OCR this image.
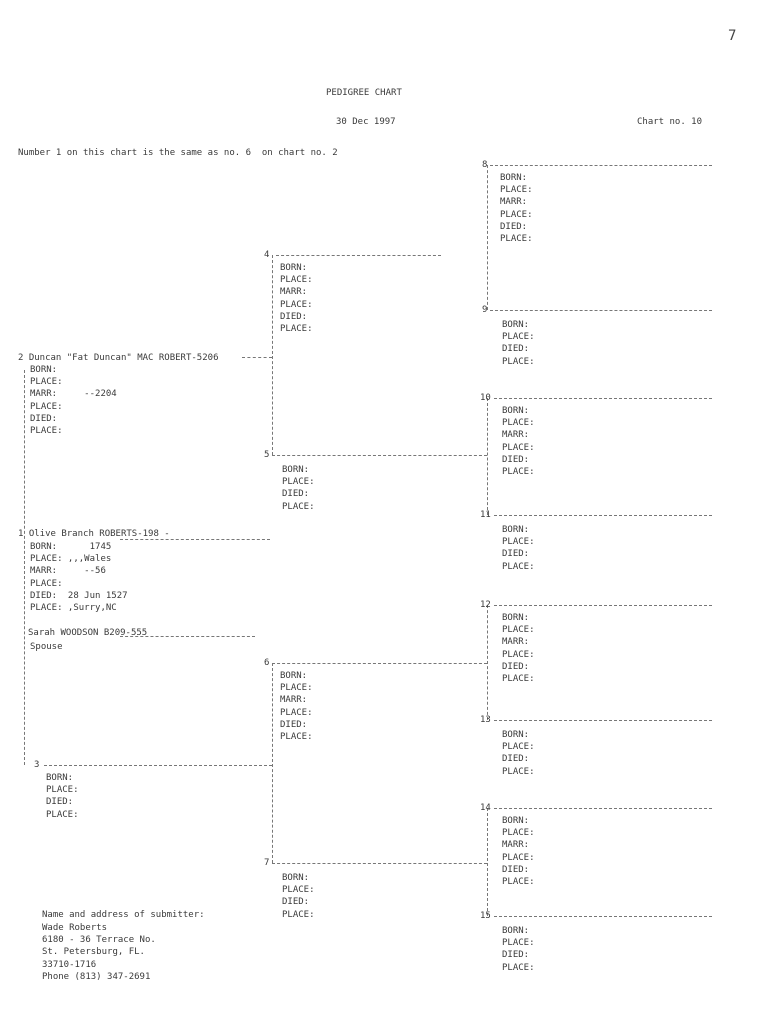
7
PEDIGREE CHART
30 Dec 1997	Chart no. 10
Number 1 on this chart is the same as no. 6  on chart no. 2
1 Olive Branch ROBERTS-198 -
BORN:      1745
PLACE: ,,,Wales
MARR:     --56
PLACE:
DIED:  28 Jun 1527
PLACE: ,Surry,NC
Sarah WOODSON B209-555
Spouse
2 Duncan "Fat Duncan" MAC ROBERT-5206
BORN:
PLACE:
MARR:     --2204
PLACE:
DIED:
PLACE:
3
BORN:
PLACE:
DIED:
PLACE:
4
BORN:
PLACE:
MARR:
PLACE:
DIED:
PLACE:
5
BORN:
PLACE:
DIED:
PLACE:
6
BORN:
PLACE:
MARR:
PLACE:
DIED:
PLACE:
7
BORN:
PLACE:
DIED:
PLACE:
8
BORN:
PLACE:
MARR:
PLACE:
DIED:
PLACE:
9
BORN:
PLACE:
DIED:
PLACE:
10
BORN:
PLACE:
MARR:
PLACE:
DIED:
PLACE:
11
BORN:
PLACE:
DIED:
PLACE:
12
BORN:
PLACE:
MARR:
PLACE:
DIED:
PLACE:
13
BORN:
PLACE:
DIED:
PLACE:
14
BORN:
PLACE:
MARR:
PLACE:
DIED:
PLACE:
15
BORN:
PLACE:
DIED:
PLACE:
Name and address of submitter:
Wade Roberts
6180 - 36 Terrace No.
St. Petersburg, FL.
33710-1716
Phone (813) 347-2691
